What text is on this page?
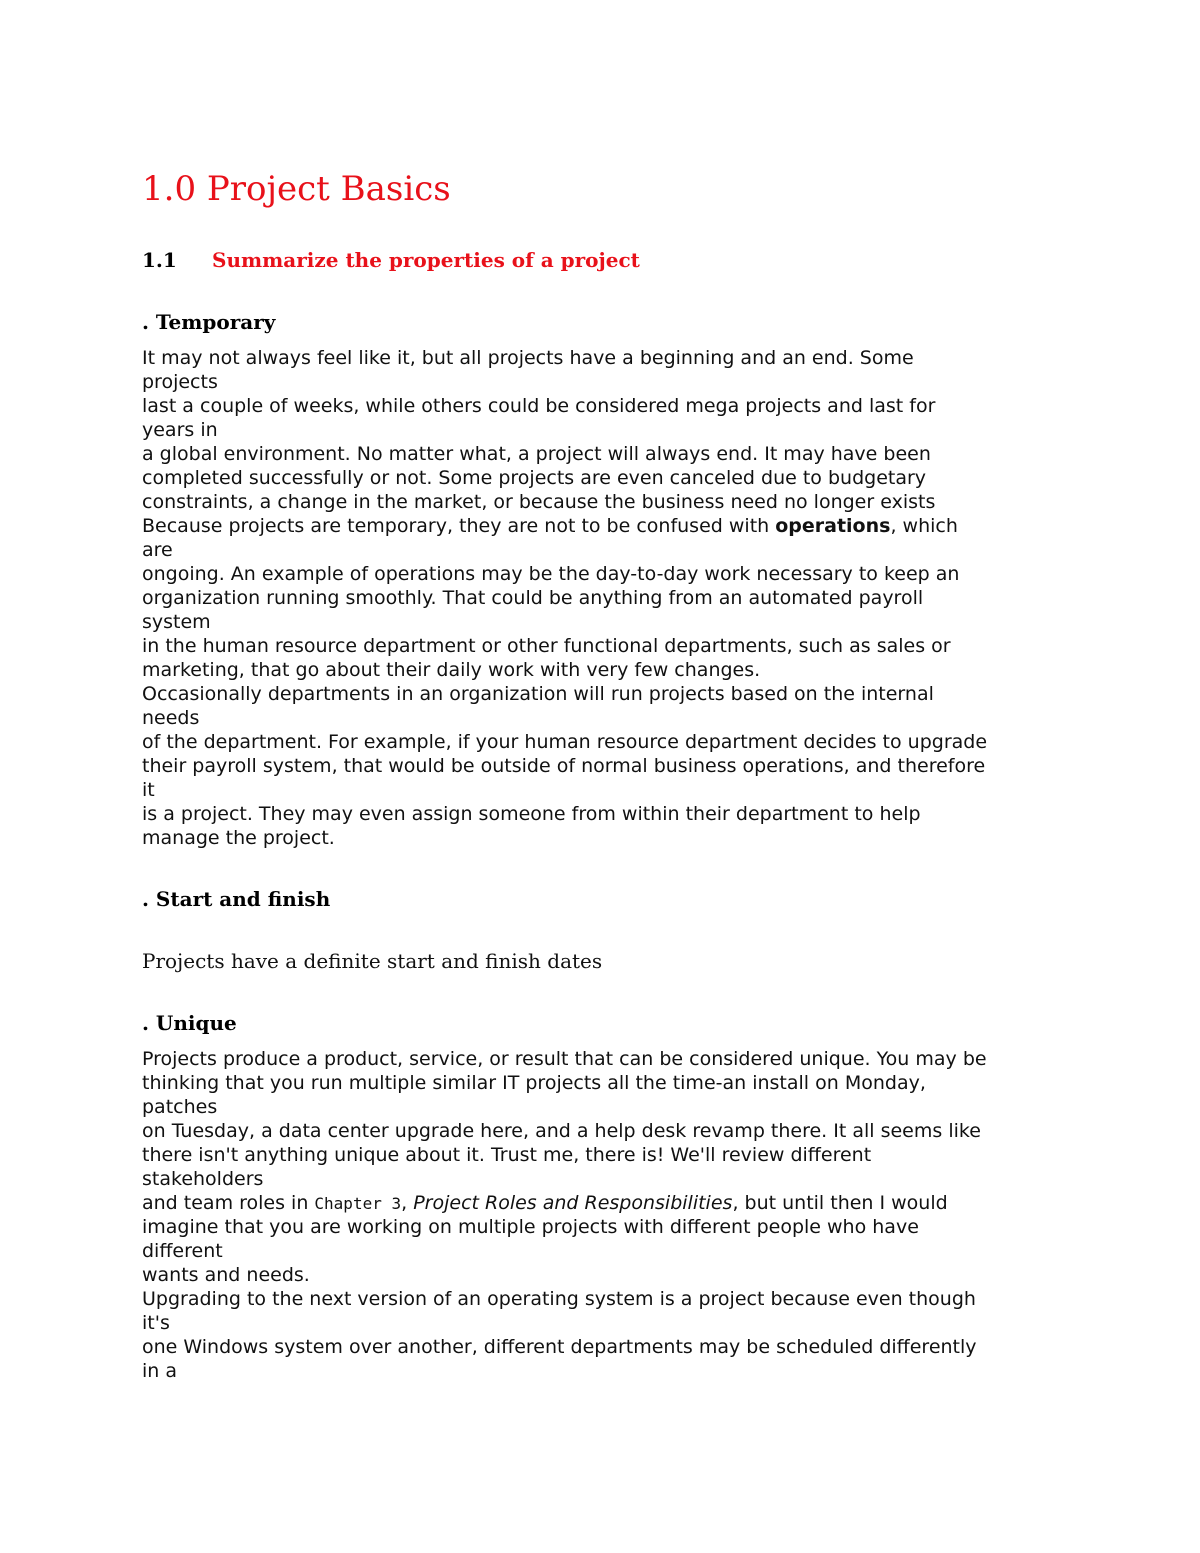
1.0 Project Basics
1.1 Summarize the properties of a project
. Temporary
It may not always feel like it, but all projects have a beginning and an end. Some
projects
last a couple of weeks, while others could be considered mega projects and last for
years in
a global environment. No matter what, a project will always end. It may have been
completed successfully or not. Some projects are even canceled due to budgetary
constraints, a change in the market, or because the business need no longer exists
Because projects are temporary, they are not to be confused with operations, which
are
ongoing. An example of operations may be the day-to-day work necessary to keep an
organization running smoothly. That could be anything from an automated payroll
system
in the human resource department or other functional departments, such as sales or
marketing, that go about their daily work with very few changes.
Occasionally departments in an organization will run projects based on the internal
needs
of the department. For example, if your human resource department decides to upgrade
their payroll system, that would be outside of normal business operations, and therefore
it
is a project. They may even assign someone from within their department to help
manage the project.
. Start and finish
Projects have a definite start and finish dates
. Unique
Projects produce a product, service, or result that can be considered unique. You may be
thinking that you run multiple similar IT projects all the time-an install on Monday,
patches
on Tuesday, a data center upgrade here, and a help desk revamp there. It all seems like
there isn't anything unique about it. Trust me, there is! We'll review different
stakeholders
and team roles in Chapter 3, Project Roles and Responsibilities, but until then I would
imagine that you are working on multiple projects with different people who have
different
wants and needs.
Upgrading to the next version of an operating system is a project because even though
it's
one Windows system over another, different departments may be scheduled differently
in a
